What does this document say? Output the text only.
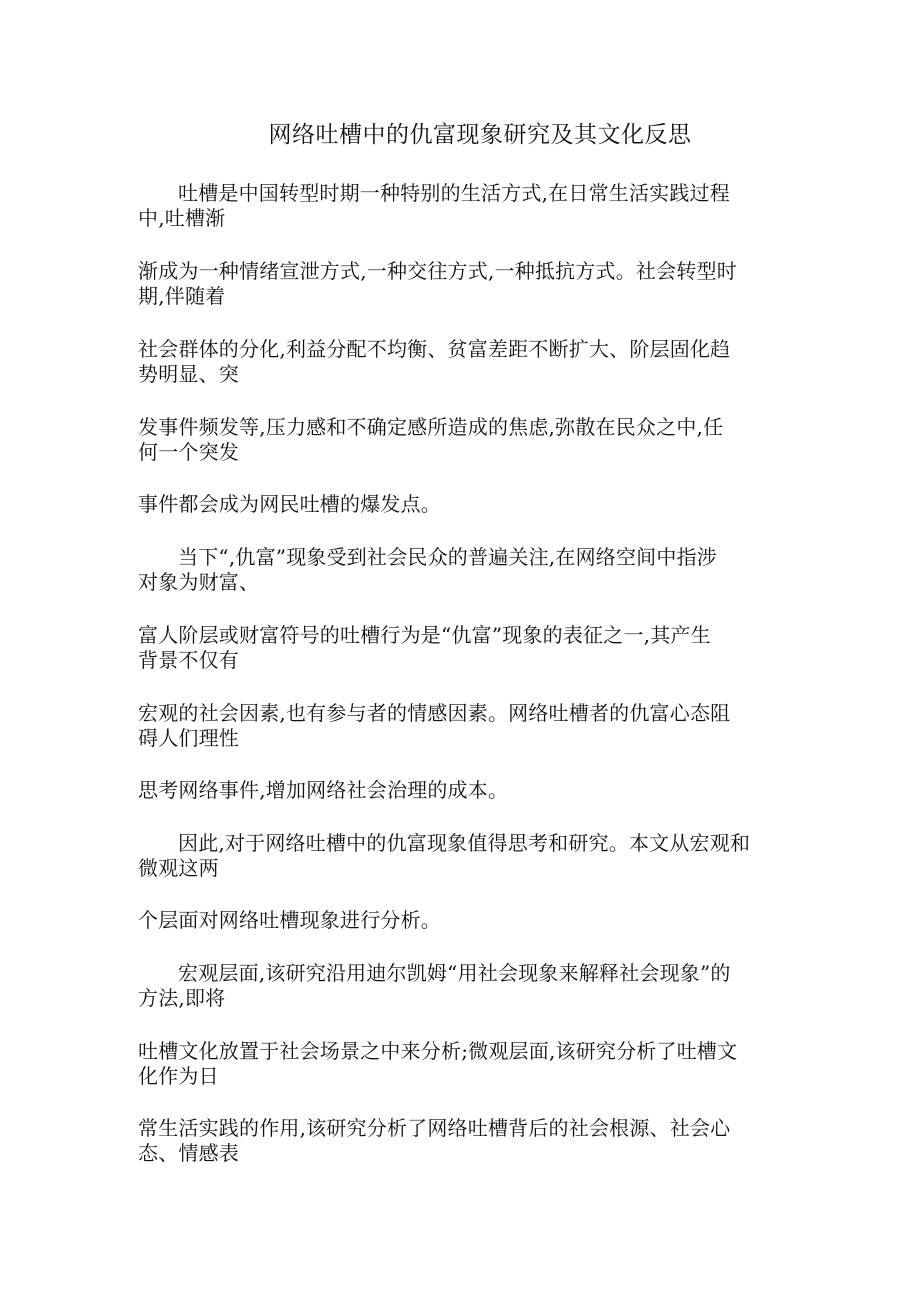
网络吐槽中的仇富现象研究及其文化反思
吐槽是中国转型时期一种特别的生活方式,在日常生活实践过程
中,吐槽渐
渐成为一种情绪宣泄方式,一种交往方式,一种抵抗方式。社会转型时
期,伴随着
社会群体的分化,利益分配不均衡、贫富差距不断扩大、阶层固化趋
势明显、突
发事件频发等,压力感和不确定感所造成的焦虑,弥散在民众之中,任
何一个突发
事件都会成为网民吐槽的爆发点。
当下“,仇富”现象受到社会民众的普遍关注,在网络空间中指涉
对象为财富、
富人阶层或财富符号的吐槽行为是“仇富”现象的表征之一,其产生
背景不仅有
宏观的社会因素,也有参与者的情感因素。网络吐槽者的仇富心态阻
碍人们理性
思考网络事件,增加网络社会治理的成本。
因此,对于网络吐槽中的仇富现象值得思考和研究。本文从宏观和
微观这两
个层面对网络吐槽现象进行分析。
宏观层面,该研究沿用迪尔凯姆“用社会现象来解释社会现象”的
方法,即将
吐槽文化放置于社会场景之中来分析;微观层面,该研究分析了吐槽文
化作为日
常生活实践的作用,该研究分析了网络吐槽背后的社会根源、社会心
态、情感表
